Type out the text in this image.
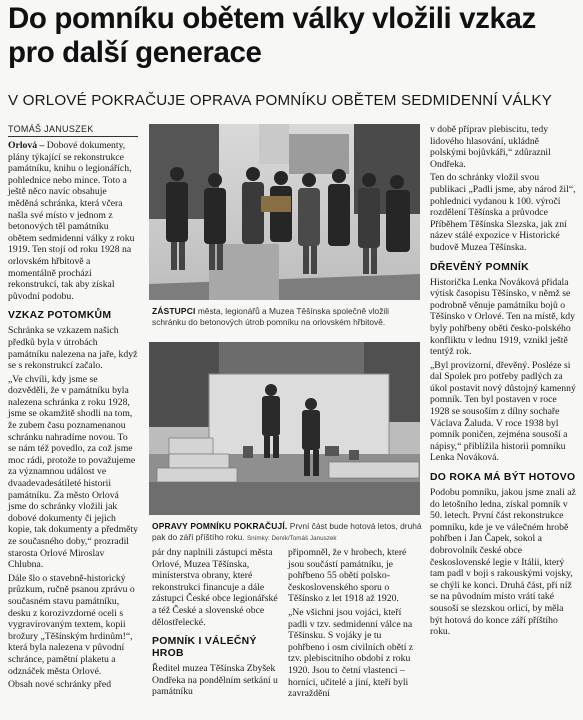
Do pomníku obětem války vložili vzkaz pro další generace
V ORLOVÉ POKRAČUJE OPRAVA POMNÍKU OBĚTEM SEDMIDENNÍ VÁLKY
TOMÁŠ JANUSZEK

Orlová – Dobové dokumenty, plány týkající se rekonstrukce památníku, knihu o legionářích, pohlednice nebo mince. Toto a ještě něco navíc obsahuje měděná schránka, která včera našla své místo v jednom z betonových těl památníku obětem sedmidenní války z roku 1919. Ten stojí od roku 1928 na orlovském hřbitově a momentálně prochází rekonstrukcí, tak aby získal původní podobu.

VZKAZ POTOMKŮM

Schránka se vzkazem našich předků byla v útrobách památníku nalezena na jaře, když se s rekonstrukcí začalo.

„Ve chvíli, kdy jsme se dozvěděli, že v památníku byla nalezena schránka z roku 1928, jsme se okamžitě shodli na tom, že zubem času poznamenanou schránku nahradíme novou. To se nám též povedlo, za což jsme moc rádi, protože to považujeme za významnou událost ve dvaadevadesátileté historii památníku. Za město Orlová jsme do schránky vložili jak dobové dokumenty či jejich kopie, tak dokumenty a předměty ze současného doby,“ prozradil starosta Orlové Miroslav Chlubna.

Dále šlo o stavebně-historický průzkum, ručně psanou zprávu o současném stavu památníku, desku z korozivzdorné oceli s vygravírovaným textem, kopii brožury „Těšínským hrdinům!“, která byla nalezena v původní schránce, pamětní plaketu a odznáček města Orlové.

Obsah nové schránky před

ZÁSTUPCI města, legionářů a Muzea Těšínska společně vložili schránku do betonových útrob pomníku na orlovském hřbitově.
OPRAVY POMNÍKU POKRAČUJÍ. První část bude hotová letos, druhá pak do září příštího roku. Snímky: Deník/Tomáš Januszek

pár dny naplnili zástupci města Orlové, Muzea Těšínska, ministerstva obrany, které rekonstrukci financuje a dále zástupci České obce legionářské a též České a slovenské obce dělostřelecké.

POMNÍK I VÁLEČNÝ HROB

Ředitel muzea Těšínska Zbyšek Ondřeka na pondělním setkání u památníku

připomněl, že v hrobech, které jsou součástí památníku, je pohřbeno 55 obětí polsko-československého sporu o Těšínsko z let 1918 až 1920.

„Ne všichni jsou vojáci, kteří padli v tzv. sedmidenní válce na Těšínsku. S vojáky je tu pohřbeno i osm civilních obětí z tzv. plebiscitního období z roku 1920. Jsou to četní vlastenci – horníci, učitelé a jiní, kteří byli zavraždění

v době příprav plebiscitu, tedy lidového hlasování, ukládně polskými bojůvkáři,“ zdůraznil Ondřeka.

Ten do schránky vložil svou publikaci „Padli jsme, aby národ žil“, pohlednici vydanou k 100. výročí rozdělení Těšínska a průvodce Příběhem Těšínska Slezska, jak zní název stálé expozice v Historické budově Muzea Těšínska.

DŘEVĚNÝ POMNÍK

Historička Lenka Nováková přidala výtisk časopisu Těšínsko, v němž se podrobně věnuje památníku bojů o Těšínsko v Orlové. Ten na místě, kdy byly pohřbeny oběti česko-polského konfliktu v lednu 1919, vznikl ještě tentýž rok.

„Byl provizorní, dřevěný. Posléze si dal Spolek pro potřeby padlých za úkol postavit nový důstojný kamenný pomník. Ten byl postaven v roce 1928 se sousoším z dílny sochaře Václava Žaludа. V roce 1938 byl pomník poničen, zejména sousoší a nápisy,“ přiblížila historii pomníku Lenka Nováková.

DO ROKA MÁ BÝT HOTOVO

Podobu pomníku, jakou jsme znali až do letošního ledna, získal pomník v 50. letech. První část rekonstrukce pomníku, kde je ve válečném hrobě pohřben i Jan Čapek, sokol a dobrovolník české obce československé legie v Itálii, který tam padl v boji s rakouskými vojsky, se chýlí ke konci. Druhá část, při níž se na původním místo vrátí také sousoší se slezskou orlicí, by měla být hotová do konce září příštího roku.
